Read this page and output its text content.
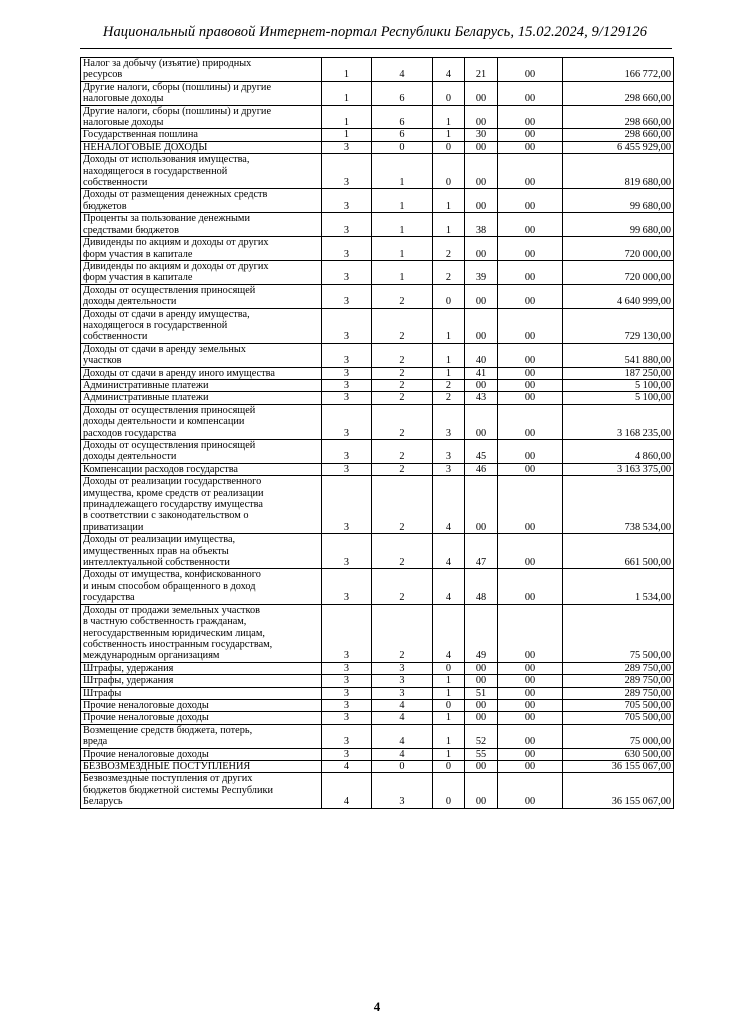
Национальный правовой Интернет-портал Республики Беларусь, 15.02.2024, 9/129126
Налог за добычу (изъятие) природных
ресурсов	1	4	4	21	00	166 772,00
Другие налоги, сборы (пошлины) и другие
налоговые доходы	1	6	0	00	00	298 660,00
Другие налоги, сборы (пошлины) и другие
налоговые доходы	1	6	1	00	00	298 660,00
Государственная пошлина	1	6	1	30	00	298 660,00
НЕНАЛОГОВЫЕ ДОХОДЫ	3	0	0	00	00	6 455 929,00
Доходы от использования имущества,
находящегося в государственной
собственности	3	1	0	00	00	819 680,00
Доходы от размещения денежных средств
бюджетов	3	1	1	00	00	99 680,00
Проценты за пользование денежными
средствами бюджетов	3	1	1	38	00	99 680,00
Дивиденды по акциям и доходы от других
форм участия в капитале	3	1	2	00	00	720 000,00
Дивиденды по акциям и доходы от других
форм участия в капитале	3	1	2	39	00	720 000,00
Доходы от осуществления приносящей
доходы деятельности	3	2	0	00	00	4 640 999,00
Доходы от сдачи в аренду имущества,
находящегося в государственной
собственности	3	2	1	00	00	729 130,00
Доходы от сдачи в аренду земельных
участков	3	2	1	40	00	541 880,00
Доходы от сдачи в аренду иного имущества	3	2	1	41	00	187 250,00
Административные платежи	3	2	2	00	00	5 100,00
Административные платежи	3	2	2	43	00	5 100,00
Доходы от осуществления приносящей
доходы деятельности и компенсации
расходов государства	3	2	3	00	00	3 168 235,00
Доходы от осуществления приносящей
доходы деятельности	3	2	3	45	00	4 860,00
Компенсации расходов государства	3	2	3	46	00	3 163 375,00
Доходы от реализации государственного
имущества, кроме средств от реализации
принадлежащего государству имущества
в соответствии с законодательством о
приватизации	3	2	4	00	00	738 534,00
Доходы от реализации имущества,
имущественных прав на объекты
интеллектуальной собственности	3	2	4	47	00	661 500,00
Доходы от имущества, конфискованного
и иным способом обращенного в доход
государства	3	2	4	48	00	1 534,00
Доходы от продажи земельных участков
в частную собственность гражданам,
негосударственным юридическим лицам,
собственность иностранным государствам,
международным организациям	3	2	4	49	00	75 500,00
Штрафы, удержания	3	3	0	00	00	289 750,00
Штрафы, удержания	3	3	1	00	00	289 750,00
Штрафы	3	3	1	51	00	289 750,00
Прочие неналоговые доходы	3	4	0	00	00	705 500,00
Прочие неналоговые доходы	3	4	1	00	00	705 500,00
Возмещение средств бюджета, потерь,
вреда	3	4	1	52	00	75 000,00
Прочие неналоговые доходы	3	4	1	55	00	630 500,00
БЕЗВОЗМЕЗДНЫЕ ПОСТУПЛЕНИЯ	4	0	0	00	00	36 155 067,00
Безвозмездные поступления от других
бюджетов бюджетной системы Республики
Беларусь	4	3	0	00	00	36 155 067,00
4
